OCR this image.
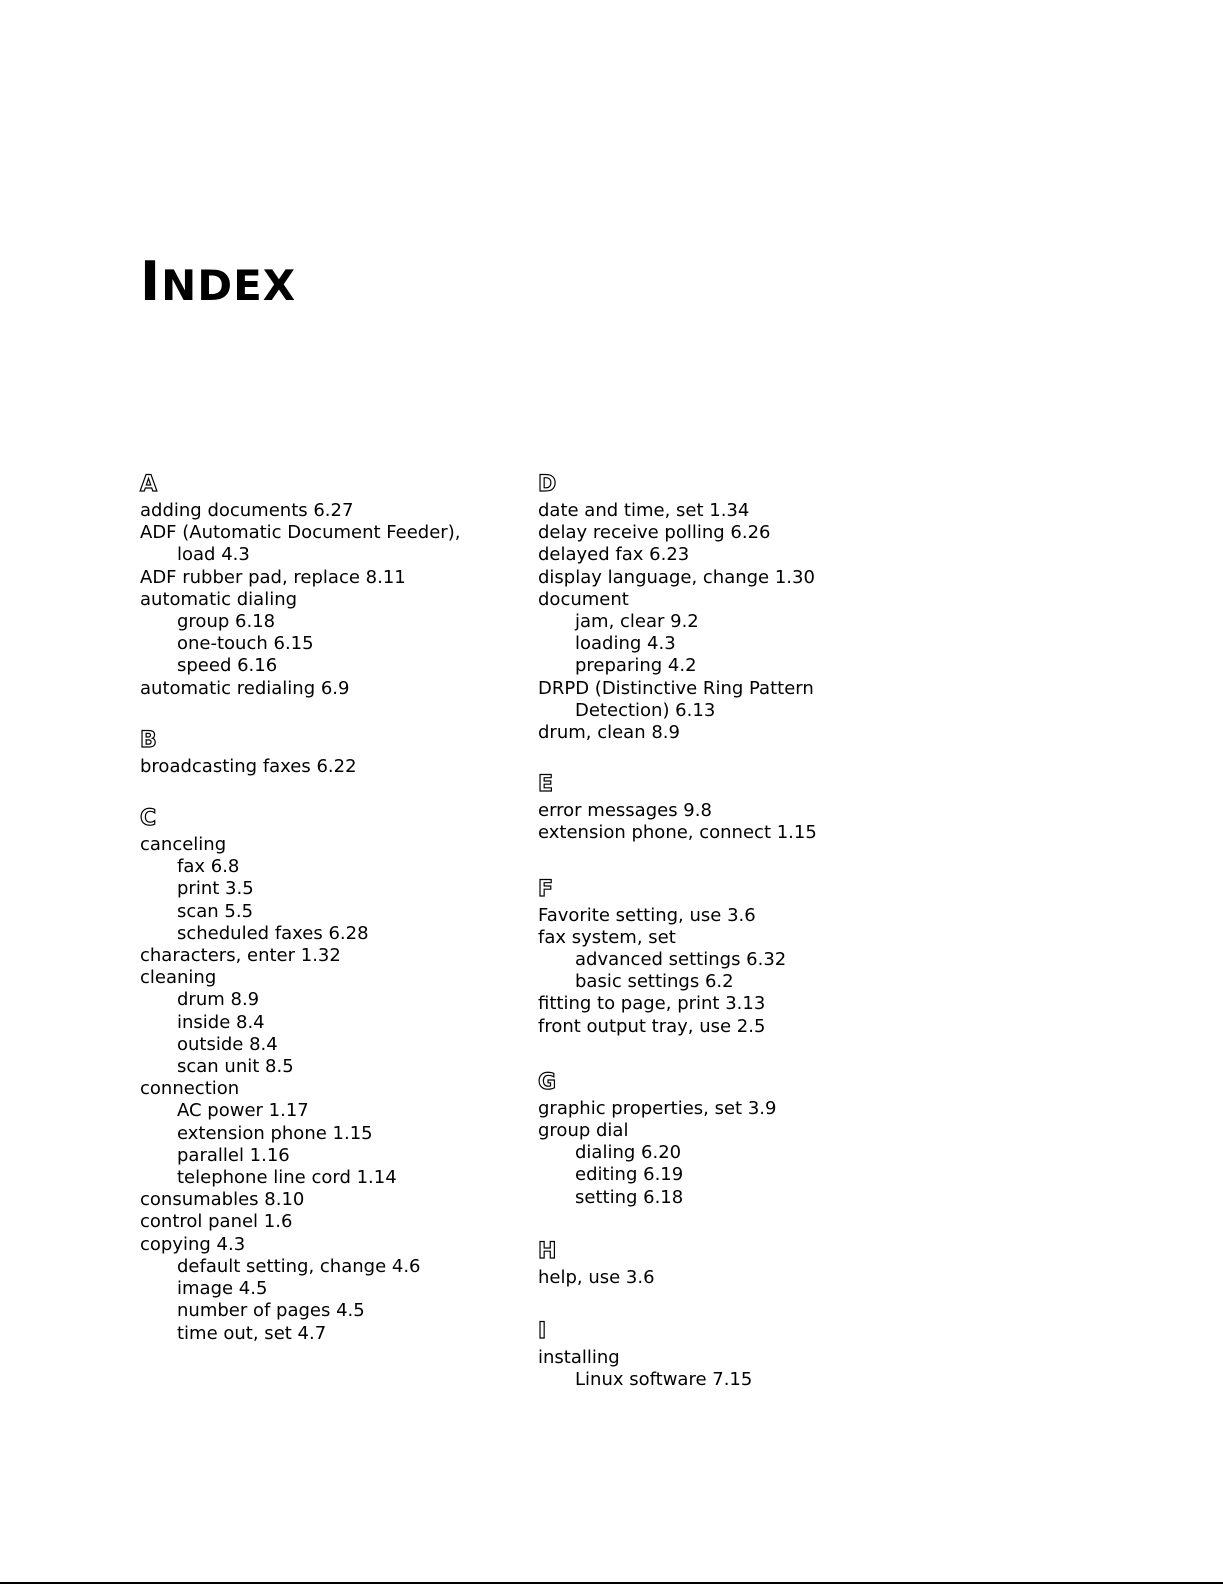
INDEX
A
adding documents 6.27
ADF (Automatic Document Feeder),
load 4.3
ADF rubber pad, replace 8.11
automatic dialing
group 6.18
one-touch 6.15
speed 6.16
automatic redialing 6.9
B
broadcasting faxes 6.22
C
canceling
fax 6.8
print 3.5
scan 5.5
scheduled faxes 6.28
characters, enter 1.32
cleaning
drum 8.9
inside 8.4
outside 8.4
scan unit 8.5
connection
AC power 1.17
extension phone 1.15
parallel 1.16
telephone line cord 1.14
consumables 8.10
control panel 1.6
copying 4.3
default setting, change 4.6
image 4.5
number of pages 4.5
time out, set 4.7
D
date and time, set 1.34
delay receive polling 6.26
delayed fax 6.23
display language, change 1.30
document
jam, clear 9.2
loading 4.3
preparing 4.2
DRPD (Distinctive Ring Pattern
Detection) 6.13
drum, clean 8.9
E
error messages 9.8
extension phone, connect 1.15
F
Favorite setting, use 3.6
fax system, set
advanced settings 6.32
basic settings 6.2
fitting to page, print 3.13
front output tray, use 2.5
G
graphic properties, set 3.9
group dial
dialing 6.20
editing 6.19
setting 6.18
H
help, use 3.6
I
installing
Linux software 7.15
